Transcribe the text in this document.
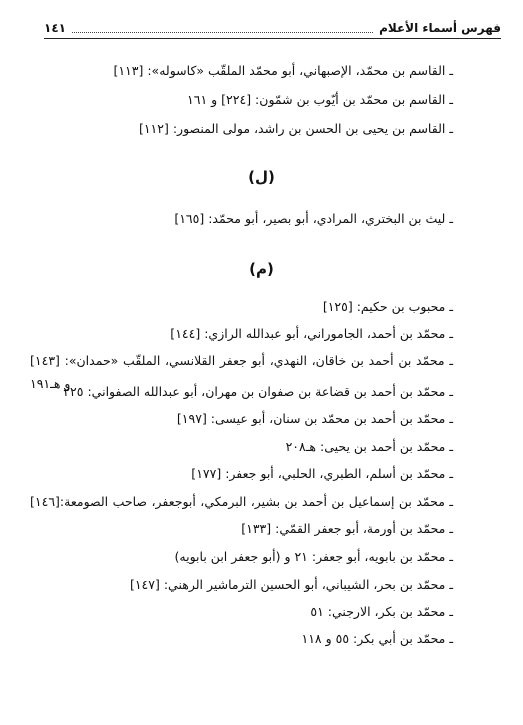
فهرس أسماء الأعلام
١٤١
ـ القاسم بن محمّد، الإصبهاني، أبو محمّد الملقّب «كاسوله»: [١١٣]
ـ القاسم بن محمّد بن أيّوب بن شمّون: [٢٢٤] و ١٦١
ـ القاسم بن يحيى بن الحسن بن راشد، مولى المنصور: [١١٢]
(ل)
ـ ليث بن البختري، المرادي، أبو بصير، أبو محمّد: [١٦٥]
(م)
ـ محبوب بن حكيم: [١٢٥]
ـ محمّد بن أحمد، الجاموراني، أبو عبدالله الرازي: [١٤٤]
ـ محمّد بن أحمد بن خاقان، النهدي، أبو جعفر القلانسي، الملقّب «حمدان»: [١٤٣]
و هـ١٩١
ـ محمّد بن أحمد بن قضاعة بن صفوان بن مهران، أبو عبدالله الصفواني: ٢٢٥
ـ محمّد بن أحمد بن محمّد بن سنان، أبو عيسى: [١٩٧]
ـ محمّد بن أحمد بن يحيى: هـ٢٠٨
ـ محمّد بن أسلم، الطبري، الحلبي، أبو جعفر: [١٧٧]
ـ محمّد بن إسماعيل بن أحمد بن بشير، البرمكي، أبوجعفر، صاحب الصومعة:[١٤٦]
ـ محمّد بن أورمة، أبو جعفر القمّي: [١٣٣]
ـ محمّد بن بابويه، أبو جعفر: ٢١ و (أبو جعفر ابن بابويه)
ـ محمّد بن بحر، الشيباني، أبو الحسين الترماشير الرهني: [١٤٧]
ـ محمّد بن بكر، الارجني: ٥١
ـ محمّد بن أبي بكر: ٥٥ و ١١٨
